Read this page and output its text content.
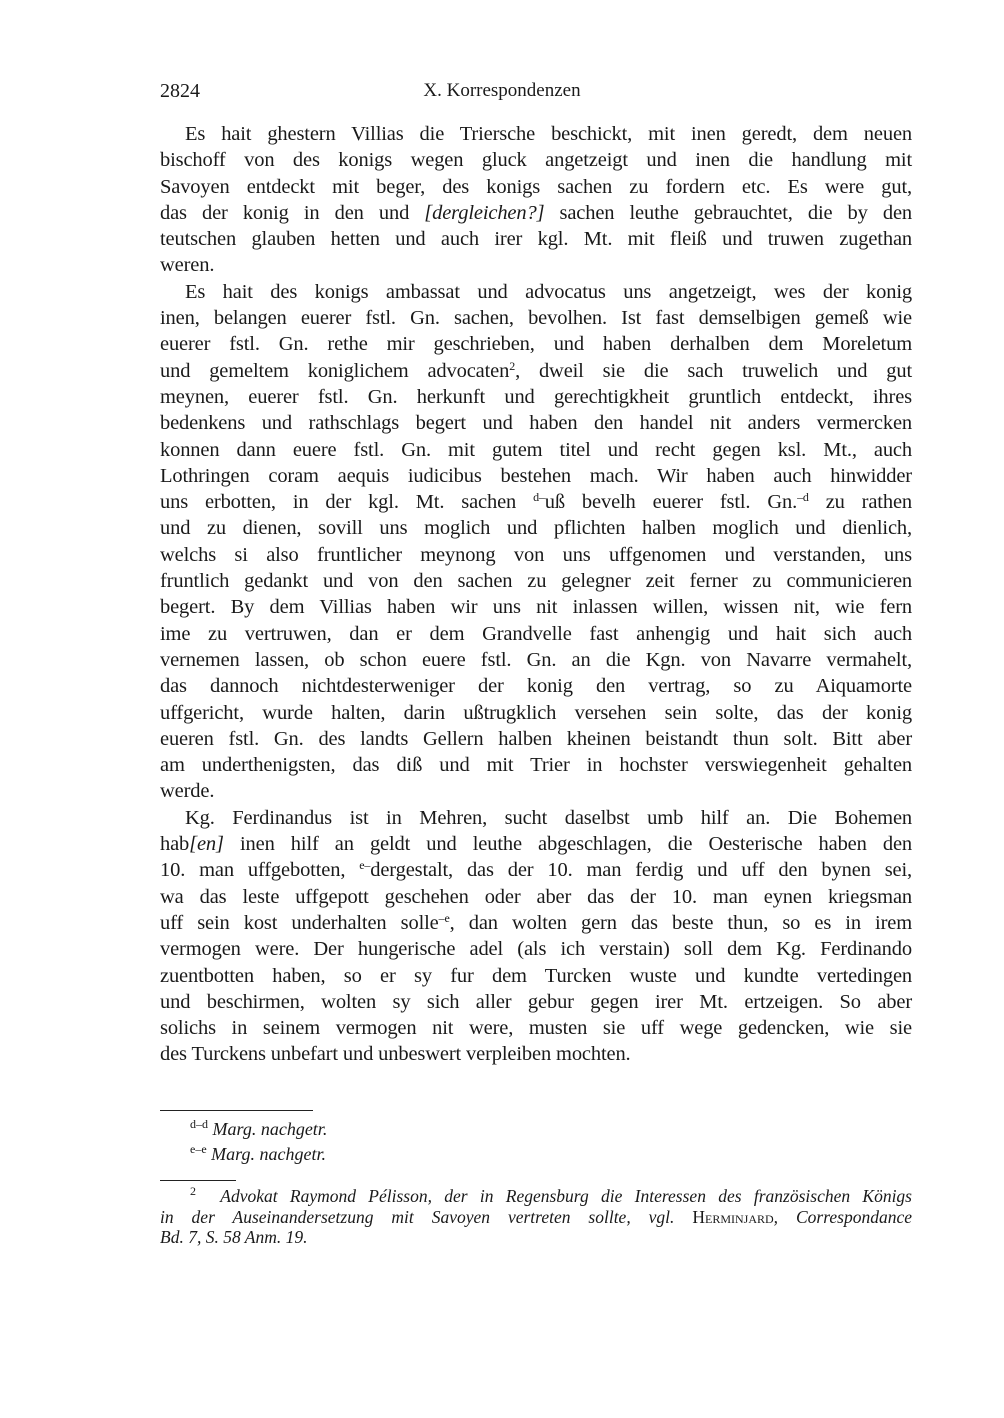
2824	X. Korrespondenzen
Es hait ghestern Villias die Triersche beschickt, mit inen geredt, dem neuen
bischoff von des konigs wegen gluck angetzeigt und inen die handlung mit
Savoyen entdeckt mit beger, des konigs sachen zu fordern etc. Es were gut,
das der konig in den und [dergleichen?] sachen leuthe gebrauchtet, die by den
teutschen glauben hetten und auch irer kgl. Mt. mit fleiß und truwen zugethan
weren.
Es hait des konigs ambassat und advocatus uns angetzeigt, wes der konig
inen, belangen euerer fstl. Gn. sachen, bevolhen. Ist fast demselbigen gemeß wie
euerer fstl. Gn. rethe mir geschrieben, und haben derhalben dem Moreletum
und gemeltem koniglichem advocaten$^2$, dweil sie die sach truwelich und gut
meynen, euerer fstl. Gn. herkunft und gerechtigkheit gruntlich entdeckt, ihres
bedenkens und rathschlags begert und haben den handel nit anders vermercken
konnen dann euere fstl. Gn. mit gutem titel und recht gegen ksl. Mt., auch
Lothringen coram aequis iudicibus bestehen mach. Wir haben auch hinwidder
uns erbotten, in der kgl. Mt. sachen $^{d-}$uß bevelh euerer fstl. Gn.$^{-d}$ zu rathen
und zu dienen, sovill uns moglich und pflichten halben moglich und dienlich,
welchs si also fruntlicher meynong von uns uffgenomen und verstanden, uns
fruntlich gedankt und von den sachen zu gelegner zeit ferner zu communicieren
begert. By dem Villias haben wir uns nit inlassen willen, wissen nit, wie fern
ime zu vertruwen, dan er dem Grandvelle fast anhengig und hait sich auch
vernemen lassen, ob schon euere fstl. Gn. an die Kgn. von Navarre vermahelt,
das dannoch nichtdesterweniger der konig den vertrag, so zu Aiquamorte
uffgericht, wurde halten, darin ußtrugklich versehen sein solte, das der konig
eueren fstl. Gn. des landts Gellern halben kheinen beistandt thun solt. Bitt aber
am underthenigsten, das diß und mit Trier in hochster verswiegenheit gehalten
werde.
Kg. Ferdinandus ist in Mehren, sucht daselbst umb hilf an. Die Bohemen
hab[en] inen hilf an geldt und leuthe abgeschlagen, die Oesterische haben den
10. man uffgebotten, $^{e-}$dergestalt, das der 10. man ferdig und uff den bynen sei,
wa das leste uffgepott geschehen oder aber das der 10. man eynen kriegsman
uff sein kost underhalten solle$^{-e}$, dan wolten gern das beste thun, so es in irem
vermogen were. Der hungerische adel (als ich verstain) soll dem Kg. Ferdinando
zuentbotten haben, so er sy fur dem Turcken wuste und kundte vertedingen
und beschirmen, wolten sy sich aller gebur gegen irer Mt. ertzeigen. So aber
solichs in seinem vermogen nit were, musten sie uff wege gedencken, wie sie
des Turckens unbefart und unbeswert verpleiben mochten.
$^{d-d}$ Marg. nachgetr.
$^{e-e}$ Marg. nachgetr.
$^2$ Advokat Raymond Pélisson, der in Regensburg die Interessen des französischen Königs
in der Auseinandersetzung mit Savoyen vertreten sollte, vgl. Herminjard, Correspondance
Bd. 7, S. 58 Anm. 19.
